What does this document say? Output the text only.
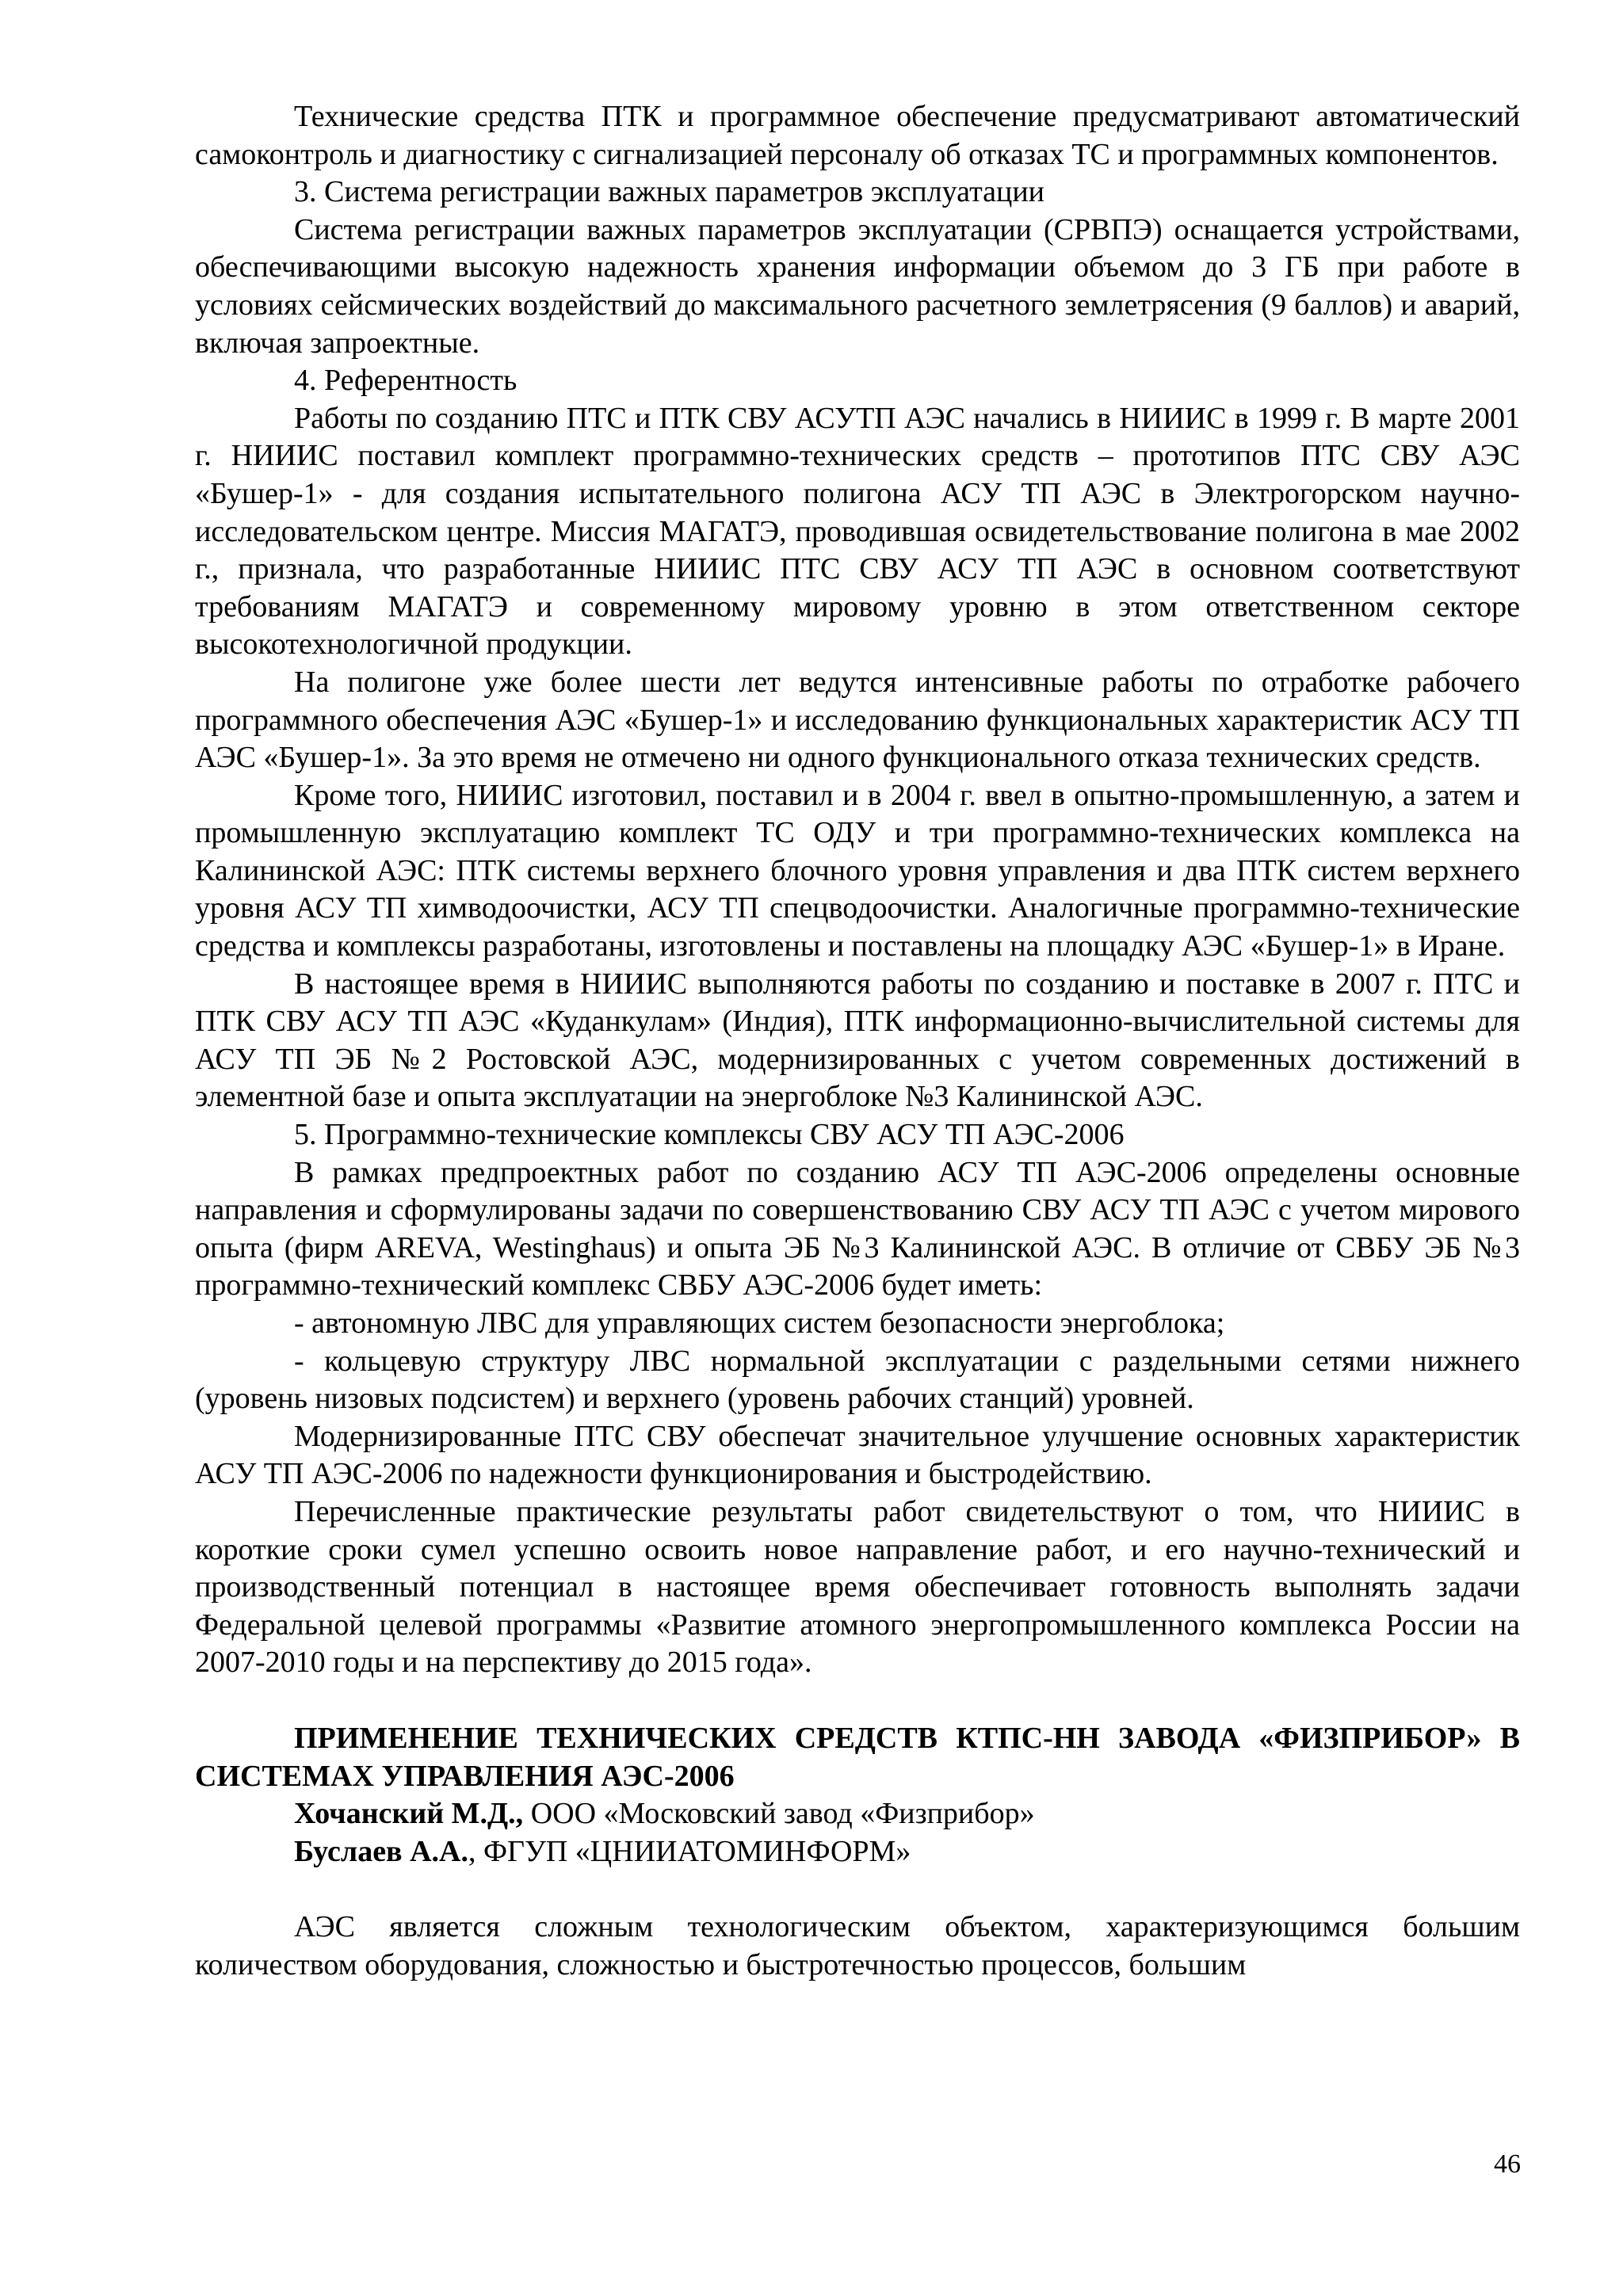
Технические средства ПТК и программное обеспечение предусматривают автоматический самоконтроль и диагностику с сигнализацией персоналу об отказах ТС и программных компонентов.

3. Система регистрации важных параметров эксплуатации

Система регистрации важных параметров эксплуатации (СРВПЭ) оснащается устройствами, обеспечивающими высокую надежность хранения информации объемом до 3 ГБ при работе в условиях сейсмических воздействий до максимального расчетного землетрясения (9 баллов) и аварий, включая запроектные.

4. Референтность

Работы по созданию ПТС и ПТК СВУ АСУТП АЭС начались в НИИИС в 1999 г. В марте 2001 г. НИИИС поставил комплект программно-технических средств – прототипов ПТС СВУ АЭС «Бушер-1» - для создания испытательного полигона АСУ ТП АЭС в Электрогорском научно-исследовательском центре. Миссия МАГАТЭ, проводившая освидетельствование полигона в мае 2002 г., признала, что разработанные НИИИС ПТС СВУ АСУ ТП АЭС в основном соответствуют требованиям МАГАТЭ и современному мировому уровню в этом ответственном секторе высокотехнологичной продукции.

На полигоне уже более шести лет ведутся интенсивные работы по отработке рабочего программного обеспечения АЭС «Бушер-1» и исследованию функциональных характеристик АСУ ТП АЭС «Бушер-1». За это время не отмечено ни одного функционального отказа технических средств.

Кроме того, НИИИС изготовил, поставил и в 2004 г. ввел в опытно-промышленную, а затем и промышленную эксплуатацию комплект ТС ОДУ и три программно-технических комплекса на Калининской АЭС: ПТК системы верхнего блочного уровня управления и два ПТК систем верхнего уровня АСУ ТП химводоочистки, АСУ ТП спецводоочистки. Аналогичные программно-технические средства и комплексы разработаны, изготовлены и поставлены на площадку АЭС «Бушер-1» в Иране.

В настоящее время в НИИИС выполняются работы по созданию и поставке в 2007 г. ПТС и ПТК СВУ АСУ ТП АЭС «Куданкулам» (Индия), ПТК информационно-вычислительной системы для АСУ ТП ЭБ №2 Ростовской АЭС, модернизированных с учетом современных достижений в элементной базе и опыта эксплуатации на энергоблоке №3 Калининской АЭС.

5. Программно-технические комплексы СВУ АСУ ТП АЭС-2006

В рамках предпроектных работ по созданию АСУ ТП АЭС-2006 определены основные направления и сформулированы задачи по совершенствованию СВУ АСУ ТП АЭС с учетом мирового опыта (фирм AREVA, Westinghaus) и опыта ЭБ №3 Калининской АЭС. В отличие от СВБУ ЭБ №3 программно-технический комплекс СВБУ АЭС-2006 будет иметь:

- автономную ЛВС для управляющих систем безопасности энергоблока;

- кольцевую структуру ЛВС нормальной эксплуатации с раздельными сетями нижнего (уровень низовых подсистем) и верхнего (уровень рабочих станций) уровней.

Модернизированные ПТС СВУ обеспечат значительное улучшение основных характеристик АСУ ТП АЭС-2006 по надежности функционирования и быстродействию.

Перечисленные практические результаты работ свидетельствуют о том, что НИИИС в короткие сроки сумел успешно освоить новое направление работ, и его научно-технический и производственный потенциал в настоящее время обеспечивает готовность выполнять задачи Федеральной целевой программы «Развитие атомного энергопромышленного комплекса России на 2007-2010 годы и на перспективу до 2015 года».

ПРИМЕНЕНИЕ ТЕХНИЧЕСКИХ СРЕДСТВ КТПС-НН ЗАВОДА «ФИЗПРИБОР» В СИСТЕМАХ УПРАВЛЕНИЯ АЭС-2006

Хочанский М.Д., ООО «Московский завод «Физприбор»

Буслаев А.А., ФГУП «ЦНИИАТОМИНФОРМ»

АЭС является сложным технологическим объектом, характеризующимся большим количеством оборудования, сложностью и быстротечностью процессов, большим

46
